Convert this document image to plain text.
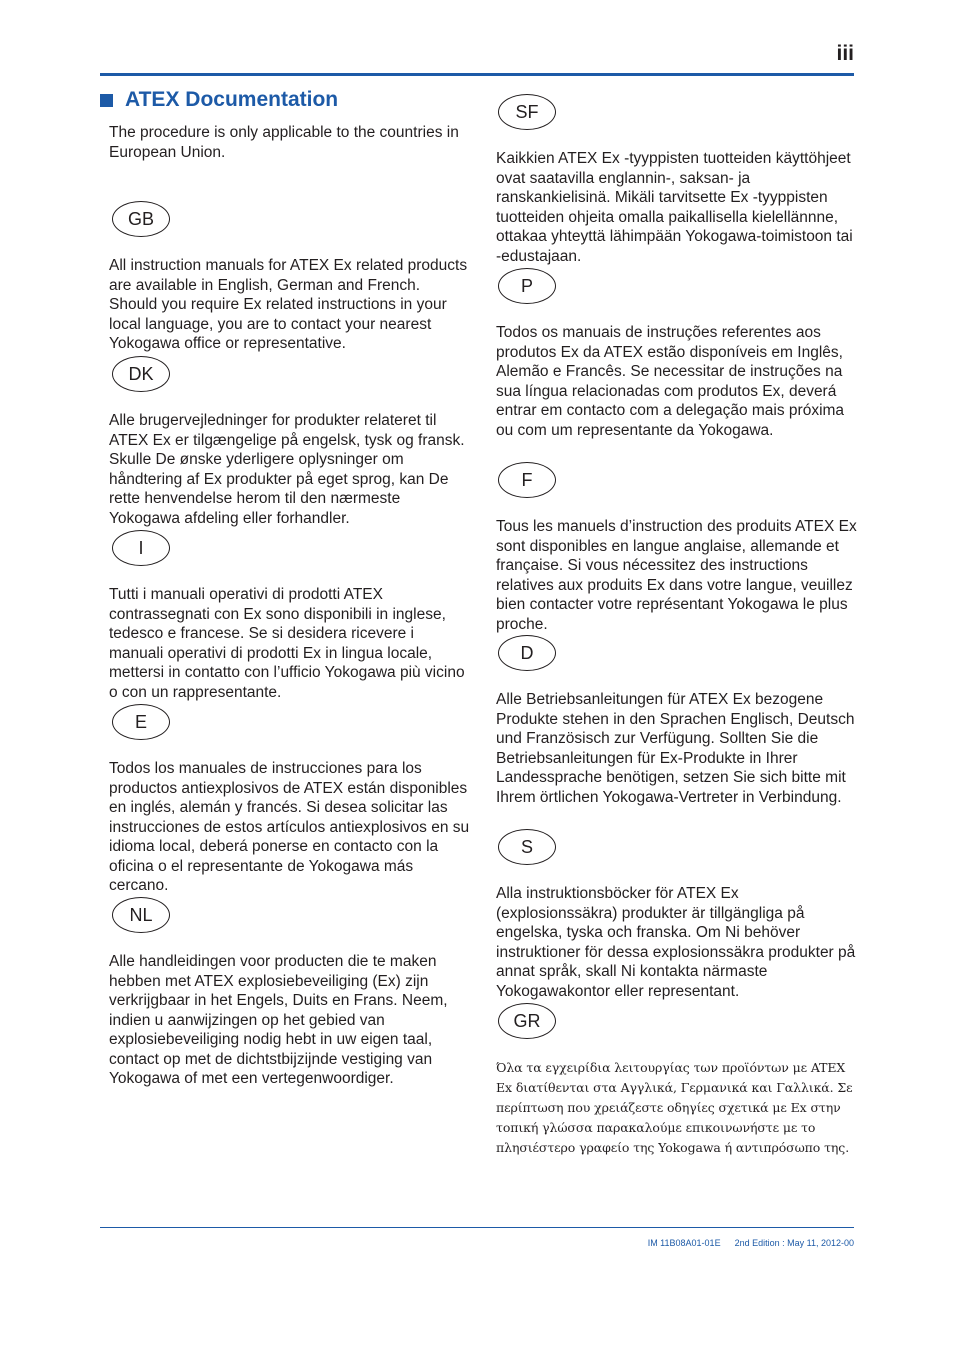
iii
ATEX Documentation
The procedure is only applicable to the countries in European Union.
GB
All instruction manuals for ATEX Ex related products are available in English, German and French. Should you require Ex related instructions in your local language, you are to contact your nearest Yokogawa office or representative.
DK
Alle brugervejledninger for produkter relateret til ATEX Ex er tilgængelige på engelsk, tysk og fransk. Skulle De ønske yderligere oplysninger om håndtering af Ex produkter på eget sprog, kan De rette henvendelse herom til den nærmeste Yokogawa afdeling eller forhandler.
I
Tutti i manuali operativi di prodotti ATEX contrassegnati con Ex sono disponibili in inglese, tedesco e francese. Se si desidera ricevere i manuali operativi di prodotti Ex in lingua locale, mettersi in contatto con l’ufficio Yokogawa più vicino o con un rappresentante.
E
Todos los manuales de instrucciones para los productos antiexplosivos de ATEX están disponibles en inglés, alemán y francés. Si desea solicitar las instrucciones de estos artículos antiexplosivos en su idioma local, deberá ponerse en contacto con la oficina o el representante de Yokogawa más cercano.
NL
Alle handleidingen voor producten die te maken hebben met ATEX explosiebeveiliging (Ex) zijn verkrijgbaar in het Engels, Duits en Frans. Neem, indien u aanwijzingen op het gebied van explosiebeveiliging nodig hebt in uw eigen taal, contact op met de dichtstbijzijnde vestiging van Yokogawa of met een vertegenwoordiger.
SF
Kaikkien ATEX Ex -tyyppisten tuotteiden käyttöhjeet ovat saatavilla englannin-, saksan- ja ranskankielisinä. Mikäli tarvitsette Ex -tyyppisten tuotteiden ohjeita omalla paikallisella kielellännne, ottakaa yhteyttä lähimpään Yokogawa-toimistoon tai -edustajaan.
P
Todos os manuais de instruções referentes aos produtos Ex da ATEX estão disponíveis em Inglês, Alemão e Francês. Se necessitar de instruções na sua língua relacionadas com produtos Ex, deverá entrar em contacto com a delegação mais próxima ou com um representante da Yokogawa.
F
Tous les manuels d’instruction des produits ATEX Ex sont disponibles en langue anglaise, allemande et française. Si vous nécessitez des instructions relatives aux produits Ex dans votre langue, veuillez bien contacter votre représentant Yokogawa le plus proche.
D
Alle Betriebsanleitungen für ATEX Ex bezogene Produkte stehen in den Sprachen Englisch, Deutsch und Französisch zur Verfügung. Sollten Sie die Betriebsanleitungen für Ex-Produkte in Ihrer Landessprache benötigen, setzen Sie sich bitte mit Ihrem örtlichen Yokogawa-Vertreter in Verbindung.
S
Alla instruktionsböcker för ATEX Ex (explosionssäkra) produkter är tillgängliga på engelska, tyska och franska. Om Ni behöver instruktioner för dessa explosionssäkra produkter på annat språk, skall Ni kontakta närmaste Yokogawakontor eller representant.
GR
Όλα τα εγχειρίδια λειτουργίας των προϊόντων με ATEX Ex διατίθενται στα Αγγλικά, Γερμανικά και Γαλλικά. Σε περίπτωση που χρειάζεστε οδηγίες σχετικά με Ex στην τοπική γλώσσα παρακαλούμε επικοινωνήστε με το πλησιέστερο γραφείο της Yokogawa ή αντιπρόσωπο της.
IM 11B08A01-01E 2nd Edition : May 11, 2012-00
